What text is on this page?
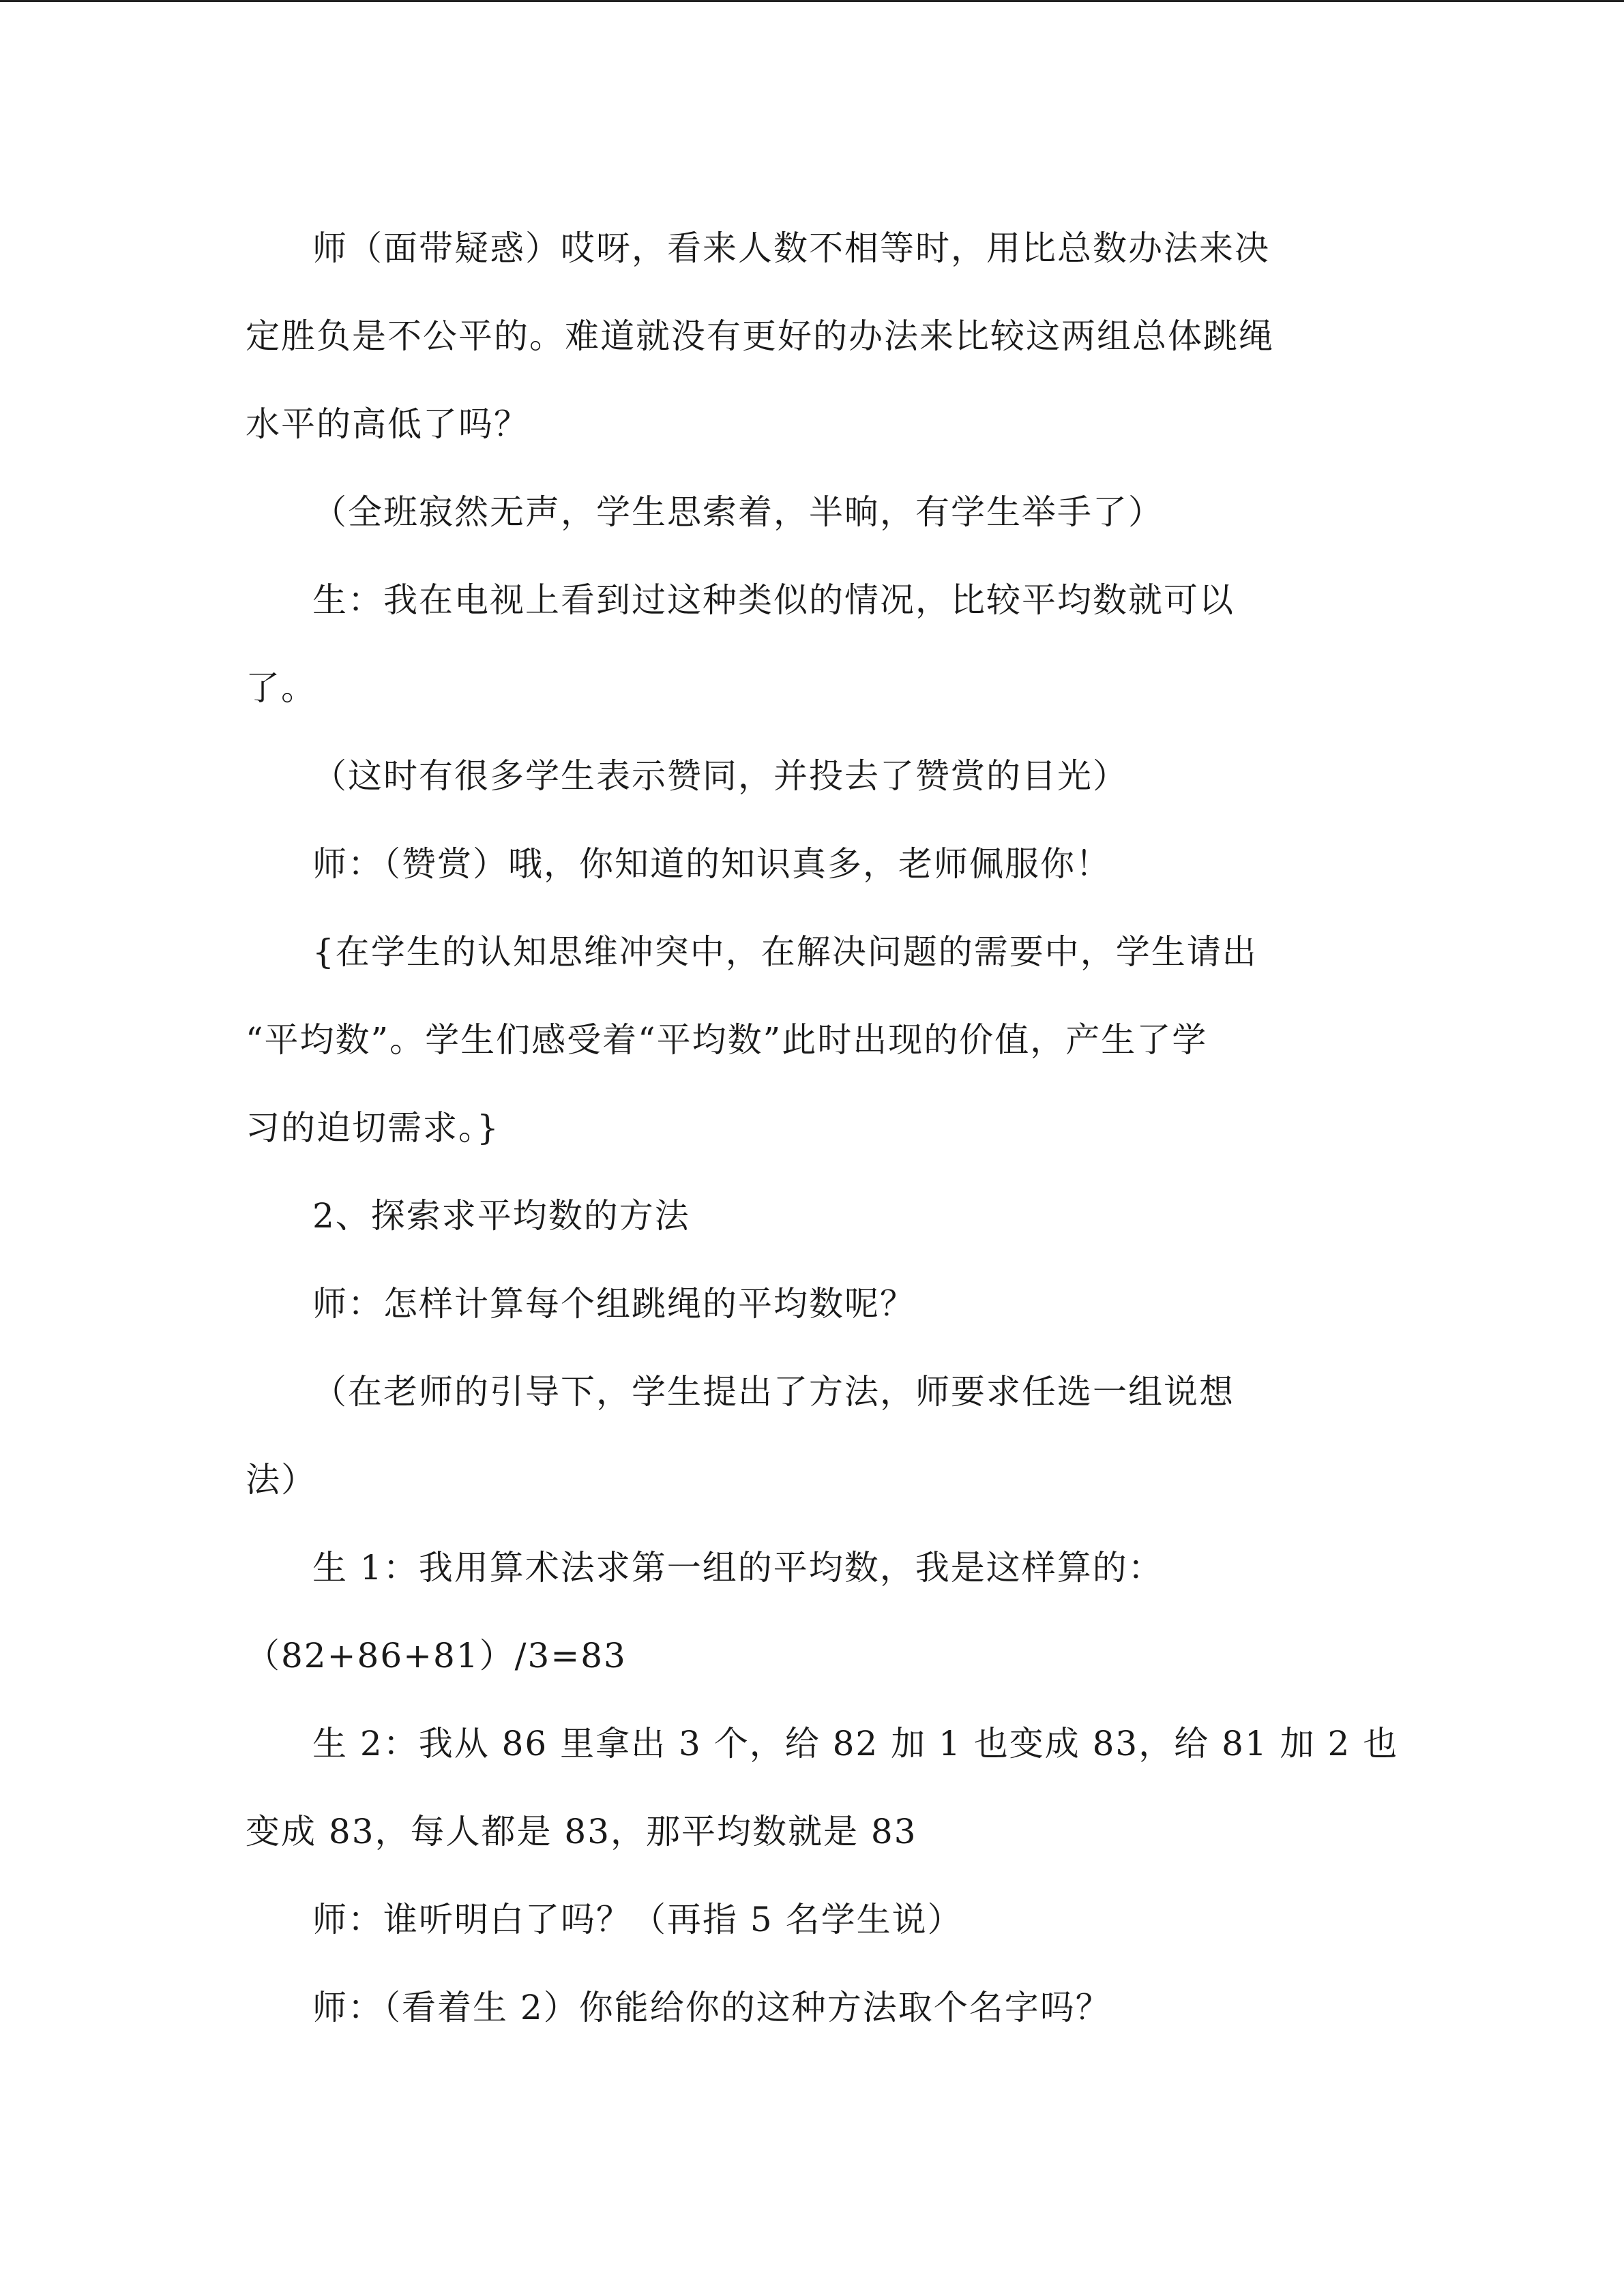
师（面带疑惑）哎呀，看来人数不相等时，用比总数办法来决
定胜负是不公平的。难道就没有更好的办法来比较这两组总体跳绳
水平的高低了吗？
（全班寂然无声，学生思索着，半晌，有学生举手了）
生：我在电视上看到过这种类似的情况，比较平均数就可以
了。
（这时有很多学生表示赞同，并投去了赞赏的目光）
师：（赞赏）哦，你知道的知识真多，老师佩服你！
{在学生的认知思维冲突中，在解决问题的需要中，学生请出
“平均数”。学生们感受着“平均数”此时出现的价值，产生了学
习的迫切需求。}
2、探索求平均数的方法
师：怎样计算每个组跳绳的平均数呢？
（在老师的引导下，学生提出了方法，师要求任选一组说想
法）
生 1：我用算术法求第一组的平均数，我是这样算的：
（82+86+81）/3=83
生 2：我从 86 里拿出 3 个，给 82 加 1 也变成 83，给 81 加 2 也
变成 83，每人都是 83，那平均数就是 83
师：谁听明白了吗？（再指 5 名学生说）
师：（看着生 2）你能给你的这种方法取个名字吗？
